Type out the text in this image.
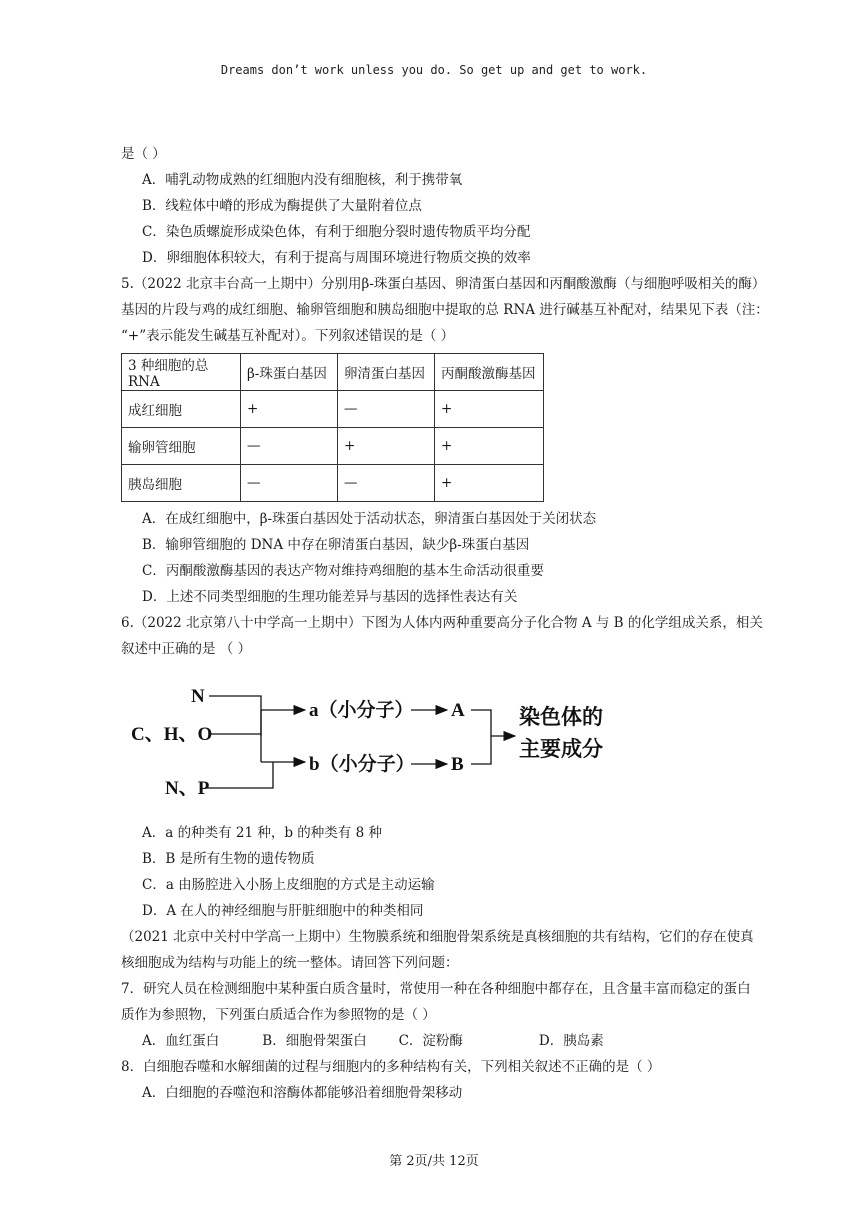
Dreams don’t work unless you do. So get up and get to work.
是（ ）
A．哺乳动物成熟的红细胞内没有细胞核，利于携带氧
B．线粒体中嵴的形成为酶提供了大量附着位点
C．染色质螺旋形成染色体，有利于细胞分裂时遗传物质平均分配
D．卵细胞体积较大，有利于提高与周围环境进行物质交换的效率
5.（2022 北京丰台高一上期中）分别用β-珠蛋白基因、卵清蛋白基因和丙酮酸激酶（与细胞呼吸相关的酶）
基因的片段与鸡的成红细胞、输卵管细胞和胰岛细胞中提取的总 RNA 进行碱基互补配对，结果见下表（注：
“+”表示能发生碱基互补配对）。下列叙述错误的是（ ）
3 种细胞的总 RNA	β-珠蛋白基因	卵清蛋白基因	丙酮酸激酶基因
成红细胞	+	—	+
输卵管细胞	—	+	+
胰岛细胞	—	—	+
A．在成红细胞中，β-珠蛋白基因处于活动状态，卵清蛋白基因处于关闭状态
B．输卵管细胞的 DNA 中存在卵清蛋白基因，缺少β-珠蛋白基因
C．丙酮酸激酶基因的表达产物对维持鸡细胞的基本生命活动很重要
D．上述不同类型细胞的生理功能差异与基因的选择性表达有关
6.（2022 北京第八十中学高一上期中）下图为人体内两种重要高分子化合物 A 与 B 的化学组成关系，相关
叙述中正确的是 （ ）
N
C、H、O
N、P
a（小分子）
b（小分子）
A
B
染色体的
主要成分
A．a 的种类有 21 种，b 的种类有 8 种
B．B 是所有生物的遗传物质
C．a 由肠腔进入小肠上皮细胞的方式是主动运输
D．A 在人的神经细胞与肝脏细胞中的种类相同
（2021 北京中关村中学高一上期中）生物膜系统和细胞骨架系统是真核细胞的共有结构，它们的存在使真
核细胞成为结构与功能上的统一整体。请回答下列问题：
7．研究人员在检测细胞中某种蛋白质含量时，常使用一种在各种细胞中都存在，且含量丰富而稳定的蛋白
质作为参照物，下列蛋白质适合作为参照物的是（ ）
A．血红蛋白	B．细胞骨架蛋白 C．淀粉酶	D．胰岛素
8．白细胞吞噬和水解细菌的过程与细胞内的多种结构有关，下列相关叙述不正确的是（ ）
A．白细胞的吞噬泡和溶酶体都能够沿着细胞骨架移动
第 2页/共 12页
